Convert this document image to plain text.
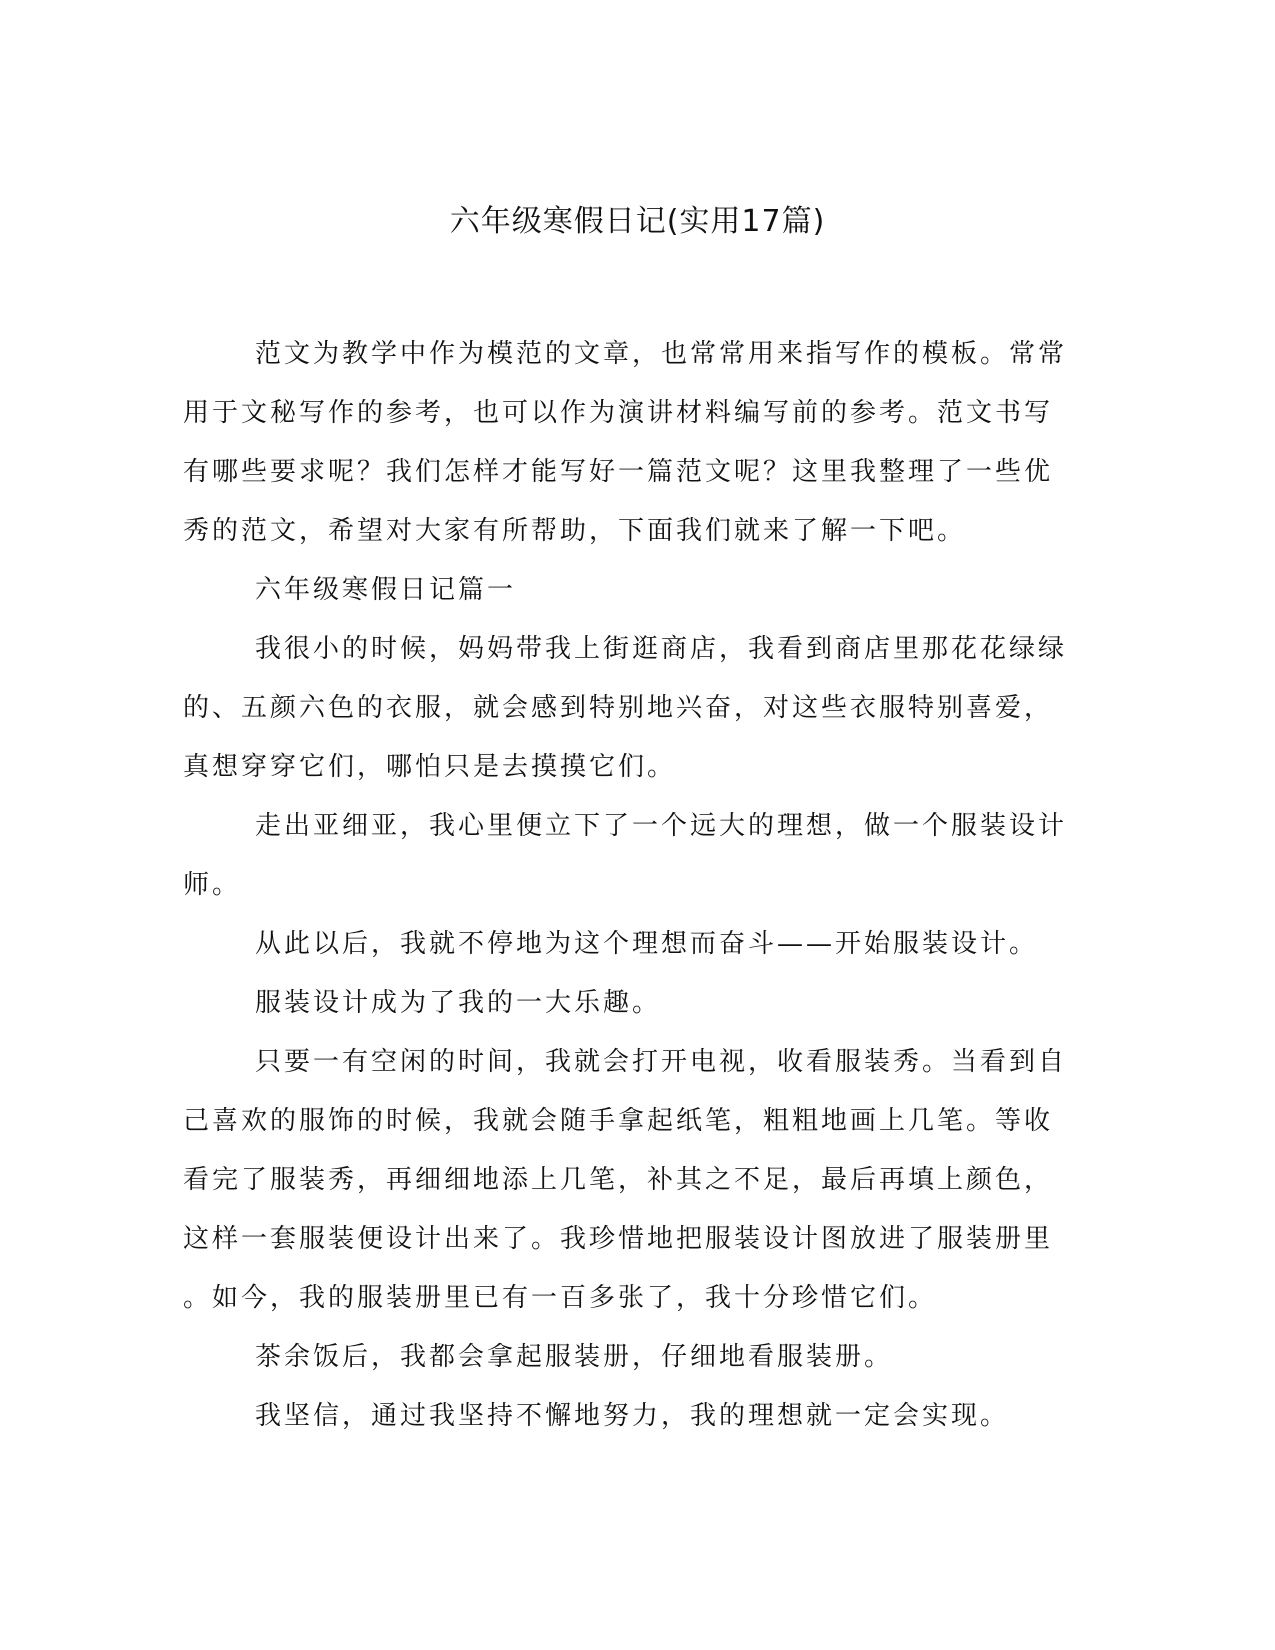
六年级寒假日记(实用17篇)
范文为教学中作为模范的文章，也常常用来指写作的模板。常常
用于文秘写作的参考，也可以作为演讲材料编写前的参考。范文书写
有哪些要求呢？我们怎样才能写好一篇范文呢？这里我整理了一些优
秀的范文，希望对大家有所帮助，下面我们就来了解一下吧。
六年级寒假日记篇一
我很小的时候，妈妈带我上街逛商店，我看到商店里那花花绿绿
的、五颜六色的衣服，就会感到特别地兴奋，对这些衣服特别喜爱，
真想穿穿它们，哪怕只是去摸摸它们。
走出亚细亚，我心里便立下了一个远大的理想，做一个服装设计
师。
从此以后，我就不停地为这个理想而奋斗——开始服装设计。
服装设计成为了我的一大乐趣。
只要一有空闲的时间，我就会打开电视，收看服装秀。当看到自
己喜欢的服饰的时候，我就会随手拿起纸笔，粗粗地画上几笔。等收
看完了服装秀，再细细地添上几笔，补其之不足，最后再填上颜色，
这样一套服装便设计出来了。我珍惜地把服装设计图放进了服装册里
。如今，我的服装册里已有一百多张了，我十分珍惜它们。
茶余饭后，我都会拿起服装册，仔细地看服装册。
我坚信，通过我坚持不懈地努力，我的理想就一定会实现。
